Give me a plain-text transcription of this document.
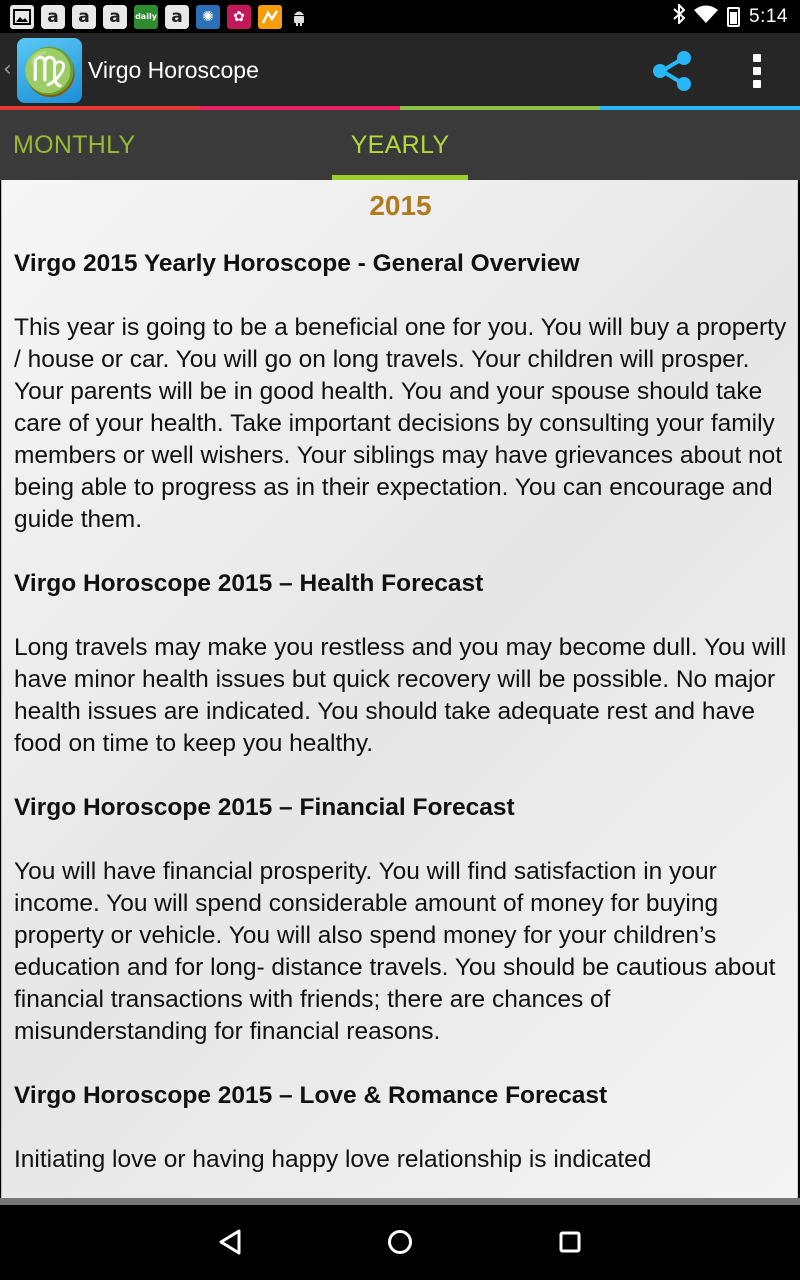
a	a	a	daily a	✺	✿	5:14
‹ ♍ Virgo Horoscope
MONTHLY	YEARLY
2015
Virgo 2015 Yearly Horoscope - General Overview

This year is going to be a beneficial one for you. You will buy a property / house or car. You will go on long travels. Your children will prosper. Your parents will be in good health. You and your spouse should take care of your health. Take important decisions by consulting your family members or well wishers. Your siblings may have grievances about not being able to progress as in their expectation. You can encourage and guide them.

Virgo Horoscope 2015 – Health Forecast

Long travels may make you restless and you may become dull. You will have minor health issues but quick recovery will be possible. No major health issues are indicated. You should take adequate rest and have food on time to keep you healthy.

Virgo Horoscope 2015 – Financial Forecast

You will have financial prosperity. You will find satisfaction in your income. You will spend considerable amount of money for buying property or vehicle. You will also spend money for your children’s education and for long- distance travels. You should be cautious about financial transactions with friends; there are chances of misunderstanding for financial reasons.

Virgo Horoscope 2015 – Love & Romance Forecast

Initiating love or having happy love relationship is indicated
